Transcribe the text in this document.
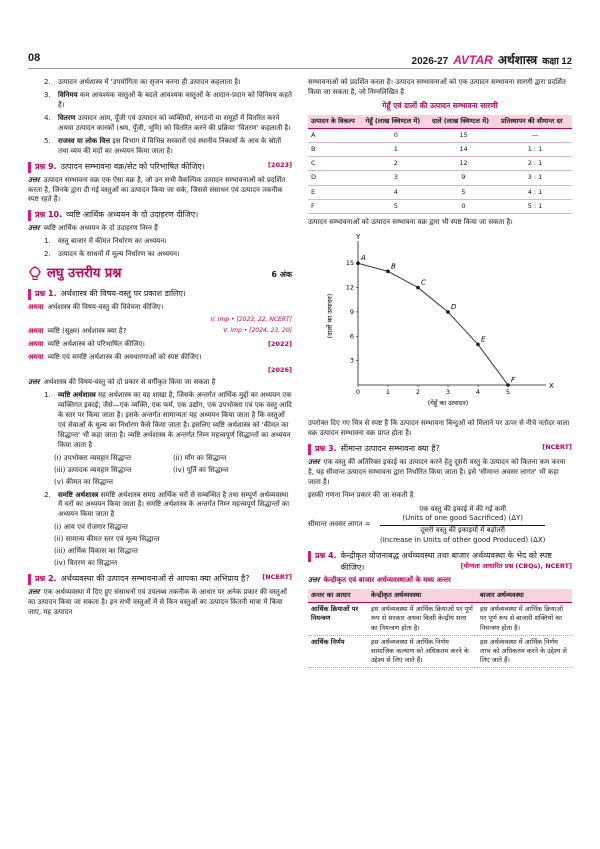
08	2026-27 AVTAR अर्थशास्त्र कक्षा 12
2.	उत्पादन अर्थशास्त्र में 'उपयोगिता का सृजन करना ही उत्पादन कहलाता है।
3.	विनिमय कम आवश्यक वस्तुओं के बदले आवश्यक वस्तुओं के आदान-प्रदान को विनिमय कहते हैं।
4.	वितरण उत्पादन आय, पूँजी एवं उत्पादन को व्यक्तियों, संगठनों या समूहों में वितरित करने अथवा उत्पादन कारकों (श्रम, पूँजी, भूमि) को वितरित करने की प्रक्रिया 'वितरण' कहलाती है।
5.	राजस्व या लोक वित्त इस विभाग में विभिन्न सरकारों एवं स्थानीय निकायों के आय के स्रोतों तथा व्यय की मदों का अध्ययन किया जाता है।
प्रश्न 9. उत्पादन सम्भावना वक्र/सेट को परिभाषित कीजिए।	[2023]

उत्तर उत्पादन सम्भावना वक्र एक ऐसा वक्र है, जो उन सभी वैकल्पिक उत्पादन सम्भावनाओं को प्रदर्शित करता है, जिनके द्वारा दी गई वस्तुओं का उत्पादन किया जा सके, जिससे संसाधन एवं उत्पादन तकनीक स्पष्ट रहते हैं।

प्रश्न 10. व्यष्टि आर्थिक अध्ययन के दो उदाहरण दीजिए।

उत्तर व्यष्टि आर्थिक अध्ययन के दो उदाहरण निम्न हैं

1.	वस्तु बाजार में कीमत निर्धारण का अध्ययन।
2.	उत्पादन के साधनों में मूल्य निर्धारण का अध्ययन।
लघु उत्तरीय प्रश्न	6 अंक
प्रश्न 1. अर्थशास्त्र की विषय-वस्तु पर प्रकाश डालिए।

अथवा अर्थशास्त्र की विषय-वस्तु की विवेचना कीजिए।

V. Imp • [2023, 22, NCERT]

अथवा व्यष्टि (सूक्ष्म) अर्थशास्त्र क्या है?	V. Imp • [2024, 23, 20]

अथवा व्यष्टि अर्थशास्त्र को परिभाषित कीजिए।	[2022]

अथवा व्यष्टि एवं समष्टि अर्थशास्त्र की अवधारणाओं को स्पष्ट कीजिए।

[2026]

उत्तर अर्थशास्त्र की विषय-वस्तु को दो प्रकार से वर्गीकृत किया जा सकता है

1.	व्यष्टि अर्थशास्त्र यह अर्थशास्त्र का वह शाखा है, जिसके अन्तर्गत आर्थिक मुद्दों का अध्ययन एक व्यक्तिगत इकाई; जैसे—एक व्यक्ति, एक फर्म, एक उद्योग, एक उपभोक्ता एवं एक वस्तु आदि के स्तर पर किया जाता है। इसके अन्तर्गत सामान्यतः यह अध्ययन किया जाता है कि वस्तुओं एवं सेवाओं के मूल्य का निर्धारण कैसे किया जाता है। इसलिए व्यष्टि अर्थशास्त्र को 'कीमत का सिद्धान्त' भी कहा जाता है। व्यष्टि अर्थशास्त्र के अन्तर्गत निम्न महत्त्वपूर्ण सिद्धान्तों का अध्ययन किया जाता है
(i) उपभोक्ता व्यवहार सिद्धान्त	(ii) माँग का सिद्धान्त
(iii) उत्पादक व्यवहार सिद्धान्त	(iv) पूर्ति का सिद्धान्त
(v) कीमत का सिद्धान्त
2.	समष्टि अर्थशास्त्र समष्टि अर्थशास्त्र समग्र आर्थिक चरों से सम्बन्धित है तथा सम्पूर्ण अर्थव्यवस्था में चरों का अध्ययन किया जाता है। समष्टि अर्थशास्त्र के अन्तर्गत निम्न महत्त्वपूर्ण सिद्धान्तों का अध्ययन किया जाता है
(i) आय एवं रोजगार सिद्धान्त
(ii) सामान्य कीमत स्तर एवं मूल्य सिद्धान्त
(iii) आर्थिक विकास का सिद्धान्त
(iv) वितरण का सिद्धान्त
प्रश्न 2. अर्थव्यवस्था की उत्पादन सम्भावनाओं से आपका क्या अभिप्राय है? [NCERT]

उत्तर एक अर्थव्यवस्था में दिए हुए संसाधनों एवं उपलब्ध तकनीक के आधार पर अनेक प्रकार की वस्तुओं का उत्पादन किया जा सकता है। इन सभी वस्तुओं में से किन वस्तुओं का उत्पादन कितनी मात्रा में किया जाए, यह उत्पादन

सम्भावनाओं को प्रदर्शित करता है। उत्पादन सम्भावनाओं को एक उत्पादन सम्भावना सारणी द्वारा प्रदर्शित किया जा सकता है, जो निम्नलिखित है

गेहूँ एवं दालों की उत्पादन सम्भावना सारणी
उत्पादन के विकल्प	गेहूँ (लाख क्विण्टल में)	दालें (लाख क्विण्टल में)	प्रतिस्थापन की सीमान्त दर
A	0	15	—
B	1	14	1 : 1
C	2	12	2 : 1
D	3	9	3 : 1
E	4	5	4 : 1
F	5	0	5 : 1

उत्पादन सम्भावनाओं को उत्पादन सम्भावना वक्र द्वारा भी स्पष्ट किया जा सकता है।

X
Y
0	1	2	3	4	5
3
6
9
12
15
(गेहूँ का उत्पादन)
(दालों का उत्पादन)
A
B
C
D
E
F

उपरोक्त दिए गए चित्र से स्पष्ट है कि उत्पादन सम्भावना बिन्दुओं को मिलाने पर ऊपर से नीचे नतोदर वाला वक्र उत्पादन सम्भावना वक्र प्राप्त होता है।

प्रश्न 3. सीमान्त उत्पादन सम्भावना क्या है?	[NCERT]

उत्तर एक वस्तु की अतिरिक्त इकाई का उत्पादन करने हेतु दूसरी वस्तु के उत्पादन को कितना कम करना है, यह सीमान्त उत्पादन सम्भावना द्वारा निर्धारित किया जाता है। इसे 'सीमान्त अवसर लागत' भी कहा जाता है।

इसकी गणना निम्न प्रकार की जा सकती है

सीमान्त अवसर लागत =
एक वस्तु की इकाई में की गई कमी
(Units of one good Sacrificed) (ΔY)
दूसरी वस्तु की इकाइयों में बढ़ोतरी
(Increase in Units of other good Produced) (ΔX)
प्रश्न 4. केन्द्रीकृत योजनाबद्ध अर्थव्यवस्था तथा बाजार अर्थव्यवस्था के भेद को स्पष्ट कीजिए।	[योग्यता आधारित प्रश्न (CBQs), NCERT]

उत्तर केन्द्रीकृत एवं बाजार अर्थव्यवस्थाओं के मध्य अन्तर

अन्तर का आधार	केन्द्रीकृत अर्थव्यवस्था	बाजार अर्थव्यवस्था
आर्थिक क्रियाओं पर नियन्त्रण	इस अर्थव्यवस्था में आर्थिक क्रियाओं पर पूर्ण रूप से सरकार अथवा किसी केन्द्रीय सत्ता का नियन्त्रण होता है।	इस अर्थव्यवस्था में आर्थिक क्रियाओं पर पूर्ण रूप से बाजारी शक्तियों का नियन्त्रण होता है।
आर्थिक निर्णय	इस अर्थव्यवस्था में आर्थिक निर्णय सामाजिक कल्याण को अधिकतम करने के उद्देश्य से लिए जाते हैं।	इस अर्थव्यवस्था में आर्थिक निर्णय लाभ को अधिकतम करने के उद्देश्य से लिए जाते हैं।
